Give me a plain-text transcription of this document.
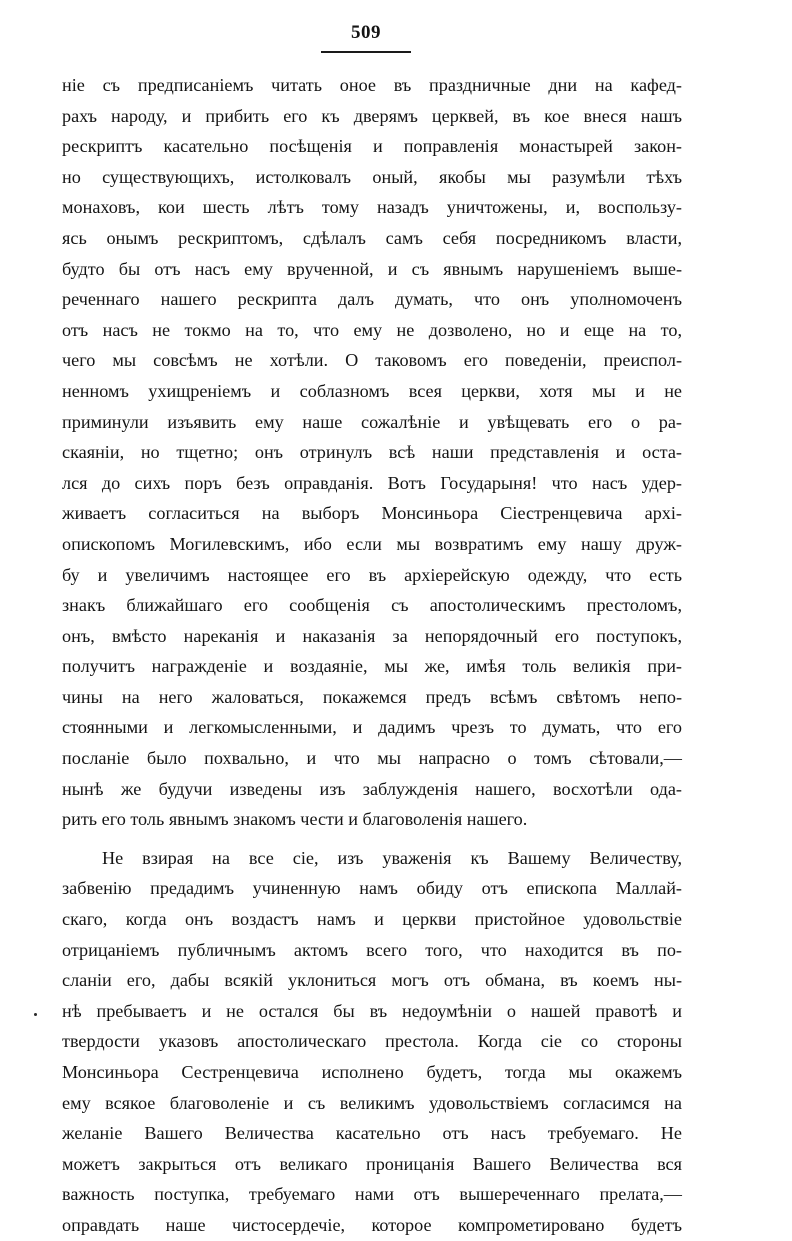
509
ніе съ предписаніемъ читать оное въ праздничные дни на кафед-
рахъ народу, и прибить его къ дверямъ церквей, въ кое внеся нашъ
рескриптъ касательно посѣщенія и поправленія монастырей закон-
но существующихъ, истолковалъ оный, якобы мы разумѣли тѣхъ
монаховъ, кои шесть лѣтъ тому назадъ уничтожены, и, воспользу-
ясь онымъ рескриптомъ, сдѣлалъ самъ себя посредникомъ власти,
будто бы отъ насъ ему врученной, и съ явнымъ нарушеніемъ выше-
реченнаго нашего рескрипта далъ думать, что онъ уполномоченъ
отъ насъ не токмо на то, что ему не дозволено, но и еще на то,
чего мы совсѣмъ не хотѣли. О таковомъ его поведеніи, преиспол-
ненномъ ухищреніемъ и соблазномъ всея церкви, хотя мы и не
приминули изъявить ему наше сожалѣніе и увѣщевать его о ра-
скаяніи, но тщетно; онъ отринулъ всѣ наши представленія и оста-
лся до сихъ поръ безъ оправданія. Вотъ Государыня! что насъ удер-
живаетъ согласиться на выборъ Монсиньора Сіестренцевича архі-
опископомъ Могилевскимъ, ибо если мы возвратимъ ему нашу друж-
бу и увеличимъ настоящее его въ архіерейскую одежду, что есть
знакъ ближайшаго его сообщенія съ апостолическимъ престоломъ,
онъ, вмѣсто нареканія и наказанія за непорядочный его поступокъ,
получитъ награжденіе и воздаяніе, мы же, имѣя толь великія при-
чины на него жаловаться, покажемся предъ всѣмъ свѣтомъ непо-
стоянными и легкомысленными, и дадимъ чрезъ то думать, что его
посланіе было похвально, и что мы напрасно о томъ сѣтовали,—
нынѣ же будучи изведены изъ заблужденія нашего, восхотѣли ода-
рить его толь явнымъ знакомъ чести и благоволенія нашего.
Не взирая на все сіе, изъ уваженія къ Вашему Величеству,
забвенію предадимъ учиненную намъ обиду отъ епископа Маллай-
скаго, когда онъ воздастъ намъ и церкви пристойное удовольствіе
отрицаніемъ публичнымъ актомъ всего того, что находится въ по-
сланіи его, дабы всякій уклониться могъ отъ обмана, въ коемъ ны-
нѣ пребываетъ и не остался бы въ недоумѣніи о нашей правотѣ и
твердости указовъ апостолическаго престола. Когда сіе со стороны
Монсиньора Сестренцевича исполнено будетъ, тогда мы окажемъ
ему всякое благоволеніе и съ великимъ удовольствіемъ согласимся на
желаніе Вашего Величества касательно отъ насъ требуемаго. Не
можетъ закрыться отъ великаго проницанія Вашего Величества вся
важность поступка, требуемаго нами отъ вышереченнаго прелата,—
оправдать наше чистосердечіе, которое компрометировано будетъ
